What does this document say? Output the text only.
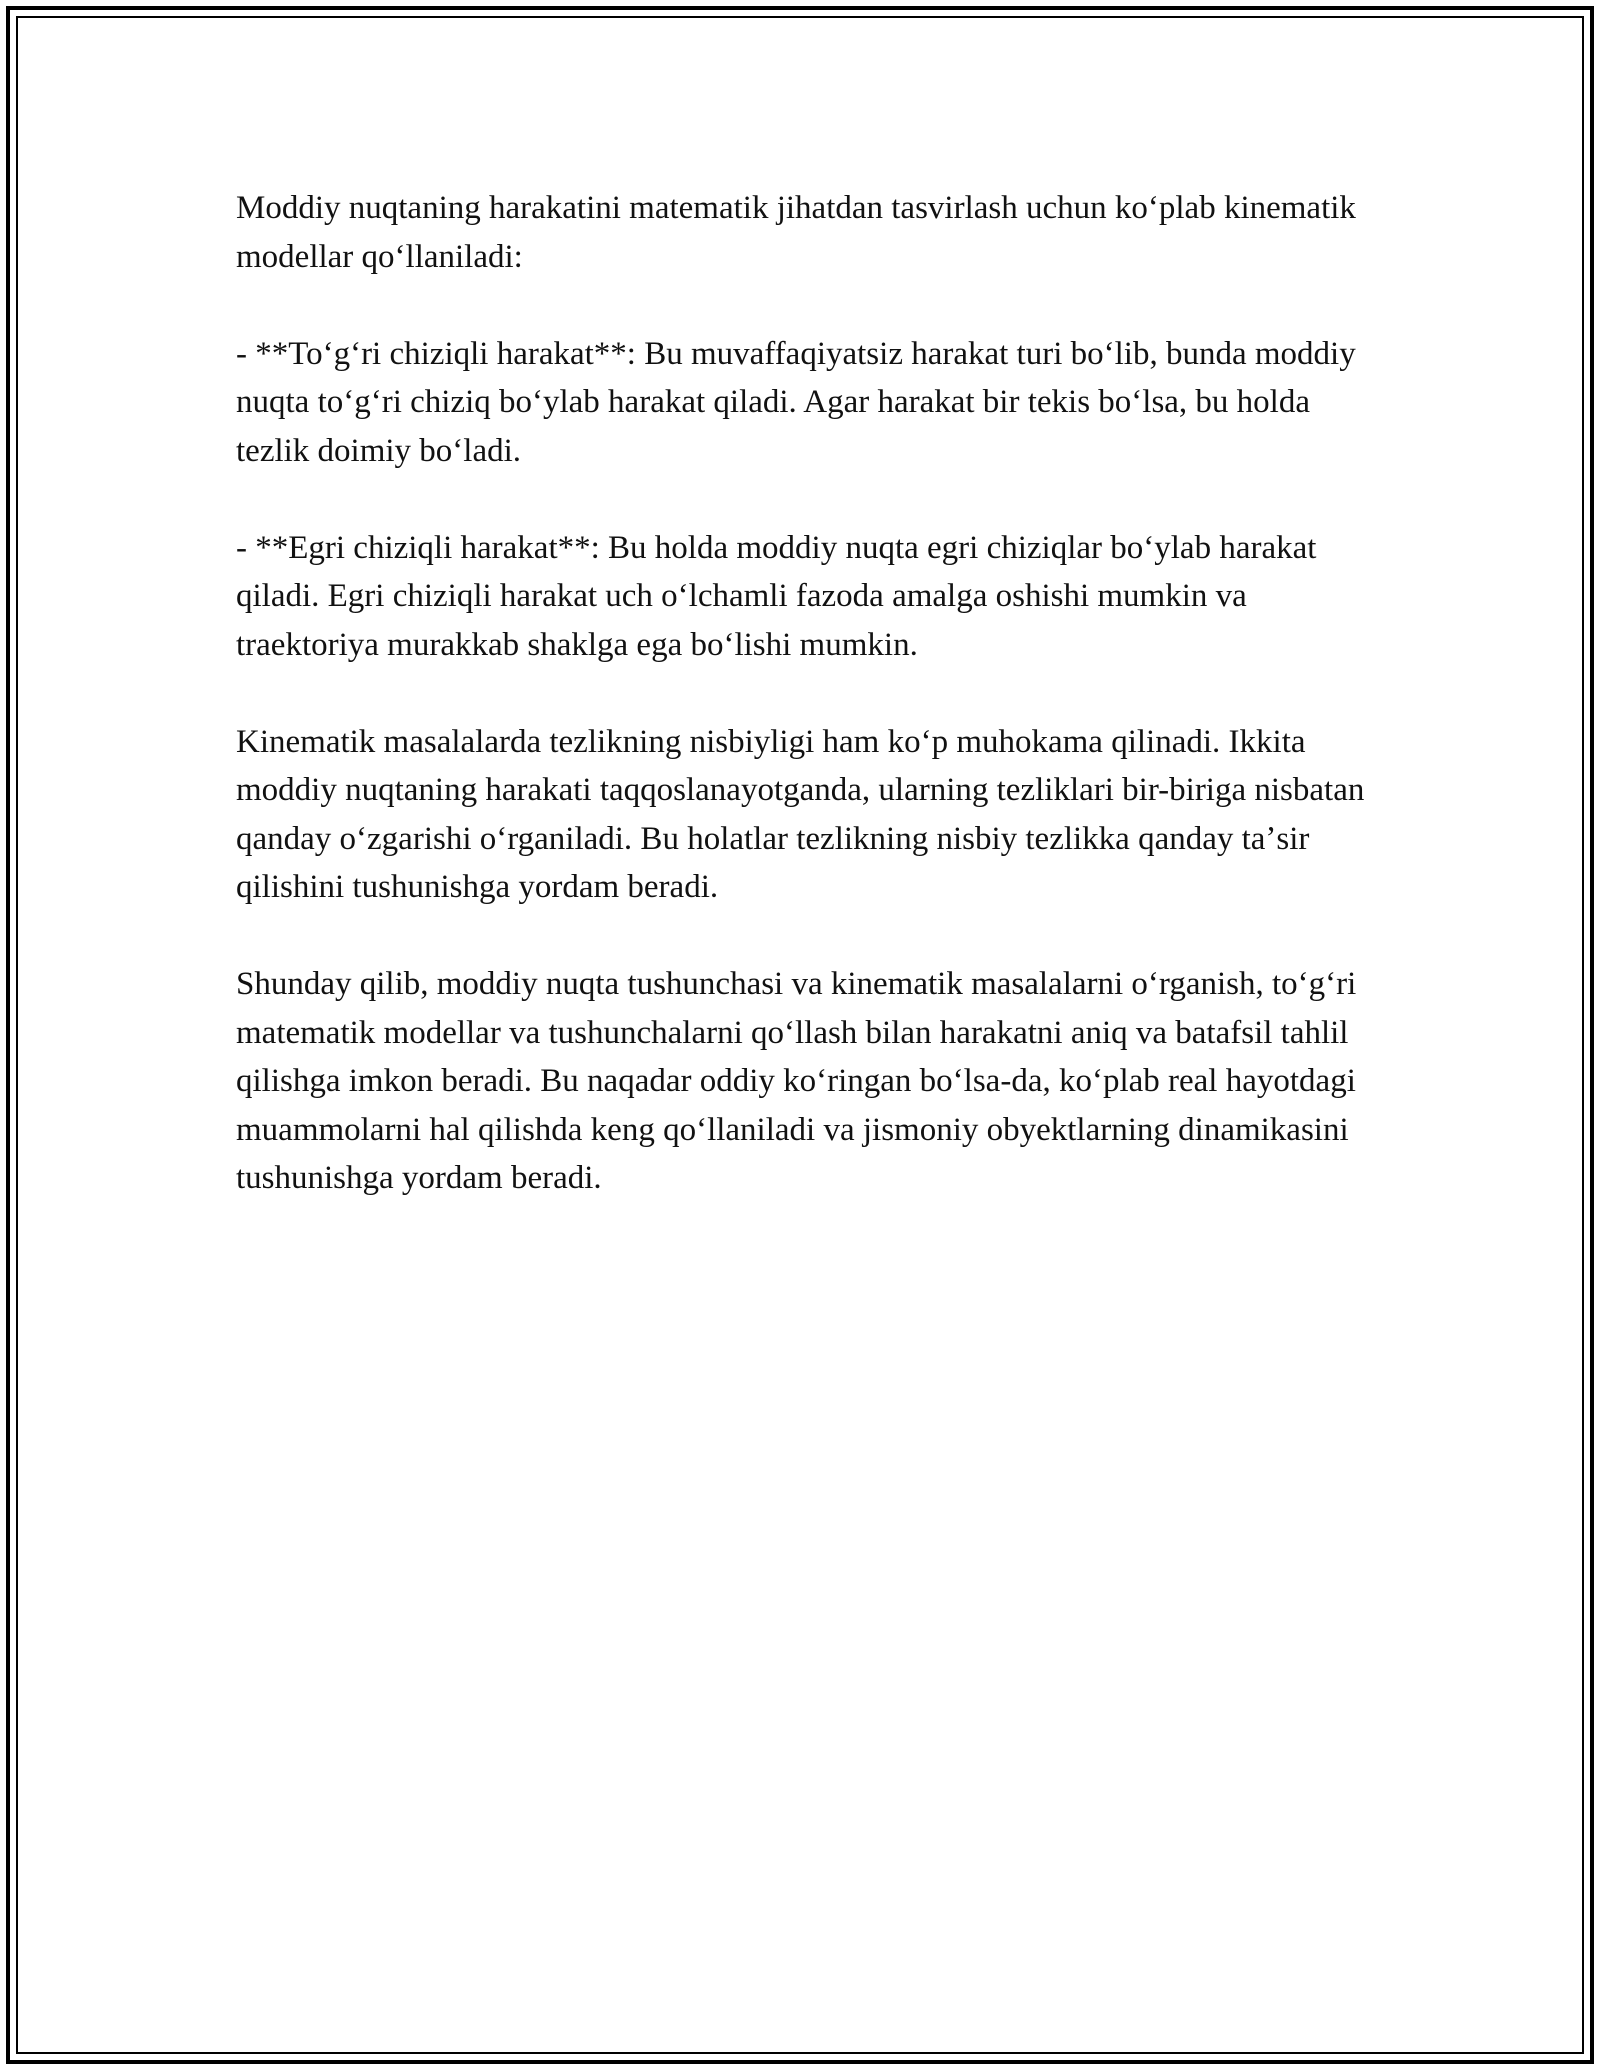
Moddiy nuqtaning harakatini matematik jihatdan tasvirlash uchun koʻplab kinematik modellar qoʻllaniladi:

- **Toʻgʻri chiziqli harakat**: Bu muvaffaqiyatsiz harakat turi boʻlib, bunda moddiy nuqta toʻgʻri chiziq boʻylab harakat qiladi. Agar harakat bir tekis boʻlsa, bu holda tezlik doimiy boʻladi.

- **Egri chiziqli harakat**: Bu holda moddiy nuqta egri chiziqlar boʻylab harakat qiladi. Egri chiziqli harakat uch oʻlchamli fazoda amalga oshishi mumkin va traektoriya murakkab shaklga ega boʻlishi mumkin.

Kinematik masalalarda tezlikning nisbiyligi ham koʻp muhokama qilinadi. Ikkita moddiy nuqtaning harakati taqqoslanayotganda, ularning tezliklari bir-biriga nisbatan qanday oʻzgarishi oʻrganiladi. Bu holatlar tezlikning nisbiy tezlikka qanday taʼsir qilishini tushunishga yordam beradi.

Shunday qilib, moddiy nuqta tushunchasi va kinematik masalalarni oʻrganish, toʻgʻri matematik modellar va tushunchalarni qoʻllash bilan harakatni aniq va batafsil tahlil qilishga imkon beradi. Bu naqadar oddiy koʻringan boʻlsa-da, koʻplab real hayotdagi muammolarni hal qilishda keng qoʻllaniladi va jismoniy obyektlarning dinamikasini tushunishga yordam beradi.
